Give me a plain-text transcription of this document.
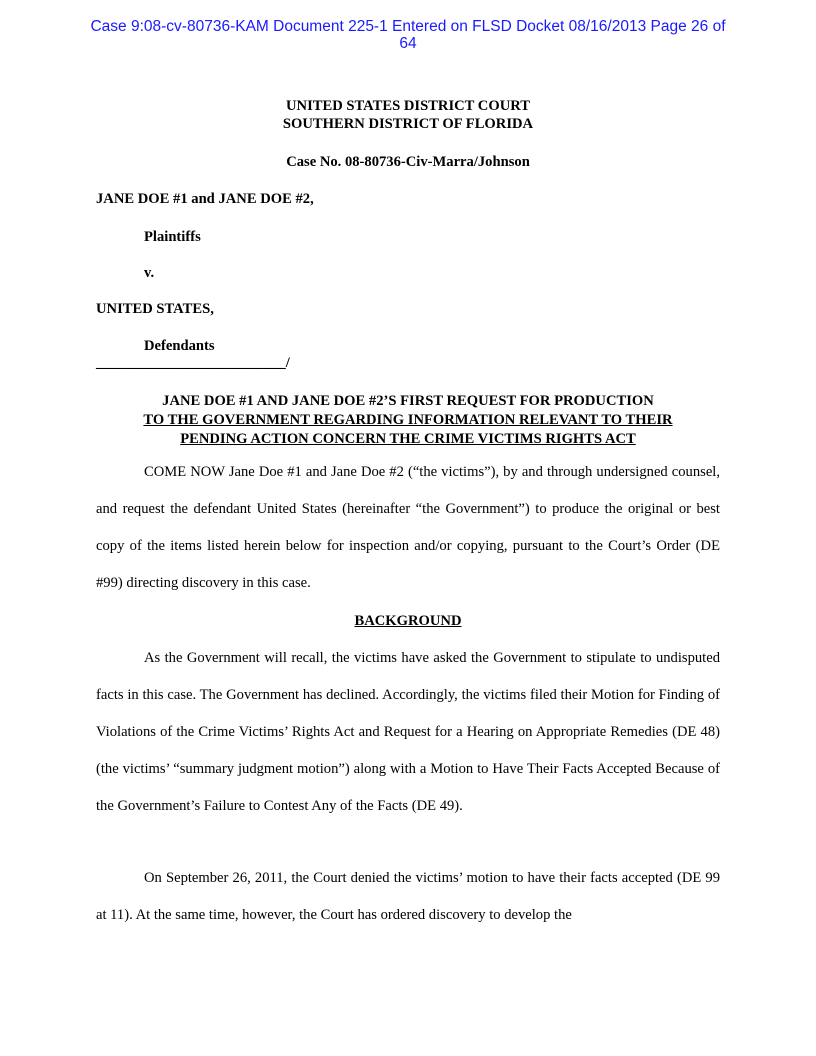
Case 9:08-cv-80736-KAM Document 225-1 Entered on FLSD Docket 08/16/2013 Page 26 of
64
UNITED STATES DISTRICT COURT
SOUTHERN DISTRICT OF FLORIDA
Case No. 08-80736-Civ-Marra/Johnson
JANE DOE #1 and JANE DOE #2,
Plaintiffs
v.
UNITED STATES,
Defendants
__________________________/
JANE DOE #1 AND JANE DOE #2’S FIRST REQUEST FOR PRODUCTION
TO THE GOVERNMENT REGARDING INFORMATION RELEVANT TO THEIR
PENDING ACTION CONCERN THE CRIME VICTIMS RIGHTS ACT

COME NOW Jane Doe #1 and Jane Doe #2 (“the victims”), by and through undersigned counsel, and request the defendant United States (hereinafter “the Government”) to produce the original or best copy of the items listed herein below for inspection and/or copying, pursuant to the Court’s Order (DE #99) directing discovery in this case.

BACKGROUND

As the Government will recall, the victims have asked the Government to stipulate to undisputed facts in this case. The Government has declined. Accordingly, the victims filed their Motion for Finding of Violations of the Crime Victims’ Rights Act and Request for a Hearing on Appropriate Remedies (DE 48) (the victims’ “summary judgment motion”) along with a Motion to Have Their Facts Accepted Because of the Government’s Failure to Contest Any of the Facts (DE 49).

On September 26, 2011, the Court denied the victims’ motion to have their facts accepted (DE 99 at 11). At the same time, however, the Court has ordered discovery to develop the
